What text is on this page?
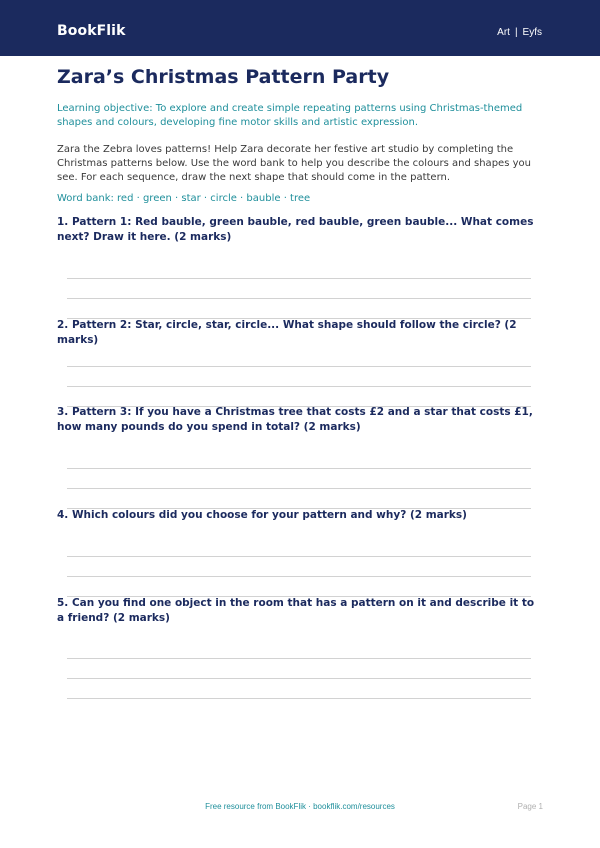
BookFlik	Art | Eyfs
Zara’s Christmas Pattern Party
Learning objective: To explore and create simple repeating patterns using Christmas-themed shapes and colours, developing fine motor skills and artistic expression.
Zara the Zebra loves patterns! Help Zara decorate her festive art studio by completing the Christmas patterns below. Use the word bank to help you describe the colours and shapes you see. For each sequence, draw the next shape that should come in the pattern.
Word bank: red · green · star · circle · bauble · tree
1. Pattern 1: Red bauble, green bauble, red bauble, green bauble... What comes next? Draw it here. (2 marks)
2. Pattern 2: Star, circle, star, circle... What shape should follow the circle? (2 marks)
3. Pattern 3: If you have a Christmas tree that costs £2 and a star that costs £1, how many pounds do you spend in total? (2 marks)
4. Which colours did you choose for your pattern and why? (2 marks)
5. Can you find one object in the room that has a pattern on it and describe it to a friend? (2 marks)
Free resource from BookFlik · bookflik.com/resources	Page 1
